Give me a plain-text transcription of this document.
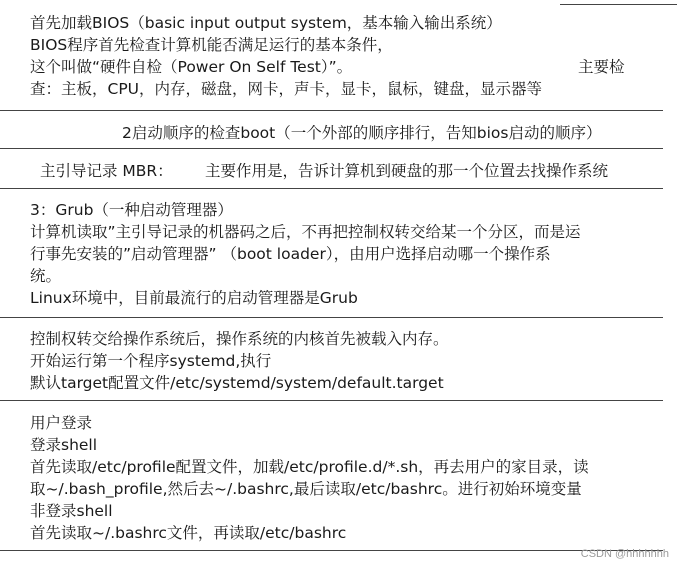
首先加载BIOS（basic input output system，基本输入输出系统）
BIOS程序首先检查计算机能否满足运行的基本条件，
这个叫做“硬件自检（Power On Self Test）”。
查：主板，CPU，内存，磁盘，网卡，声卡，显卡，鼠标，键盘，显示器等
主要检
2启动顺序的检查boot（一个外部的顺序排行，告知bios启动的顺序）
主引导记录 MBR： 主要作用是，告诉计算机到硬盘的那一个位置去找操作系统
3：Grub（一种启动管理器）
计算机读取”主引导记录的机器码之后，不再把控制权转交给某一个分区，而是运
行事先安装的”启动管理器” （boot loader），由用户选择启动哪一个操作系
统。
Linux环境中，目前最流行的启动管理器是Grub
控制权转交给操作系统后，操作系统的内核首先被载入内存。
开始运行第一个程序systemd,执行
默认target配置文件/etc/systemd/system/default.target
用户登录
登录shell
首先读取/etc/profile配置文件，加载/etc/profile.d/*.sh，再去用户的家目录，读
取~/.bash_profile,然后去~/.bashrc,最后读取/etc/bashrc。进行初始环境变量
非登录shell
首先读取~/.bashrc文件，再读取/etc/bashrc
CSDN @hhhhhhh
